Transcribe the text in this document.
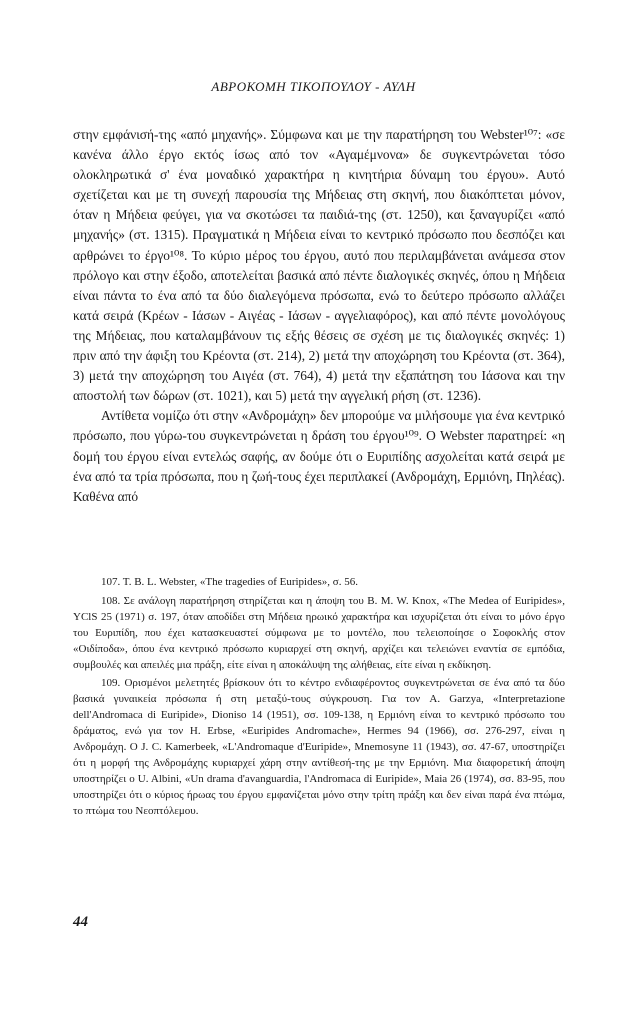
ΑΒΡΟΚΟΜΗ ΤΙΚΟΠΟΥΛΟΥ - ΑΥΛΗ

στην εμφάνισή-της «από μηχανής». Σύμφωνα και με την παρατήρηση του Webster¹⁰⁷: «σε κανένα άλλο έργο εκτός ίσως από τον «Αγαμέμνονα» δε συγκεντρώνεται τόσο ολοκληρωτικά σ' ένα μοναδικό χαρακτήρα η κινητήρια δύναμη του έργου». Αυτό σχετίζεται και με τη συνεχή παρουσία της Μήδειας στη σκηνή, που διακόπτεται μόνον, όταν η Μήδεια φεύγει, για να σκοτώσει τα παιδιά-της (στ. 1250), και ξαναγυρίζει «από μηχανής» (στ. 1315). Πραγματικά η Μήδεια είναι το κεντρικό πρόσωπο που δεσπόζει και αρθρώνει το έργο¹⁰⁸. Το κύριο μέρος του έργου, αυτό που περιλαμβάνεται ανάμεσα στον πρόλογο και στην έξοδο, αποτελείται βασικά από πέντε διαλογικές σκηνές, όπου η Μήδεια είναι πάντα το ένα από τα δύο διαλεγόμενα πρόσωπα, ενώ το δεύτερο πρόσωπο αλλάζει κατά σειρά (Κρέων - Ιάσων - Αιγέας - Ιάσων - αγγελιαφόρος), και από πέντε μονολόγους της Μήδειας, που καταλαμβάνουν τις εξής θέσεις σε σχέση με τις διαλογικές σκηνές: 1) πριν από την άφιξη του Κρέοντα (στ. 214), 2) μετά την αποχώρηση του Κρέοντα (στ. 364), 3) μετά την αποχώρηση του Αιγέα (στ. 764), 4) μετά την εξαπάτηση του Ιάσονα και την αποστολή των δώρων (στ. 1021), και 5) μετά την αγγελική ρήση (στ. 1236).

Αντίθετα νομίζω ότι στην «Ανδρομάχη» δεν μπορούμε να μιλήσουμε για ένα κεντρικό πρόσωπο, που γύρω-του συγκεντρώνεται η δράση του έργου¹⁰⁹. Ο Webster παρατηρεί: «η δομή του έργου είναι εντελώς σαφής, αν δούμε ότι ο Ευριπίδης ασχολείται κατά σειρά με ένα από τα τρία πρόσωπα, που η ζωή-τους έχει περιπλακεί (Ανδρομάχη, Ερμιόνη, Πηλέας). Καθένα από

107. T. B. L. Webster, «The tragedies of Euripides», σ. 56.

108. Σε ανάλογη παρατήρηση στηρίζεται και η άποψη του B. M. W. Knox, «The Medea of Euripides», YClS 25 (1971) σ. 197, όταν αποδίδει στη Μήδεια ηρωικό χαρακτήρα και ισχυρίζεται ότι είναι το μόνο έργο του Ευριπίδη, που έχει κατασκευαστεί σύμφωνα με το μοντέλο, που τελειοποίησε ο Σοφοκλής στον «Οιδίποδα», όπου ένα κεντρικό πρόσωπο κυριαρχεί στη σκηνή, αρχίζει και τελειώνει εναντία σε εμπόδια, συμβουλές και απειλές μια πράξη, είτε είναι η αποκάλυψη της αλήθειας, είτε είναι η εκδίκηση.

109. Ορισμένοι μελετητές βρίσκουν ότι το κέντρο ενδιαφέροντος συγκεντρώνεται σε ένα από τα δύο βασικά γυναικεία πρόσωπα ή στη μεταξύ-τους σύγκρουση. Για τον A. Garzya, «Interpretazione dell'Andromaca di Euripide», Dioniso 14 (1951), σσ. 109-138, η Ερμιόνη είναι το κεντρικό πρόσωπο του δράματος, ενώ για τον H. Erbse, «Euripides Andromache», Hermes 94 (1966), σσ. 276-297, είναι η Ανδρομάχη. O J. C. Kamerbeek, «L'Andromaque d'Euripide», Mnemosyne 11 (1943), σσ. 47-67, υποστηρίζει ότι η μορφή της Ανδρομάχης κυριαρχεί χάρη στην αντίθεσή-της με την Ερμιόνη. Μια διαφορετική άποψη υποστηρίζει ο U. Albini, «Un drama d'avanguardia, l'Andromaca di Euripide», Maia 26 (1974), σσ. 83-95, που υποστηρίζει ότι ο κύριος ήρωας του έργου εμφανίζεται μόνο στην τρίτη πράξη και δεν είναι παρά ένα πτώμα, το πτώμα του Νεοπτόλεμου.

44
